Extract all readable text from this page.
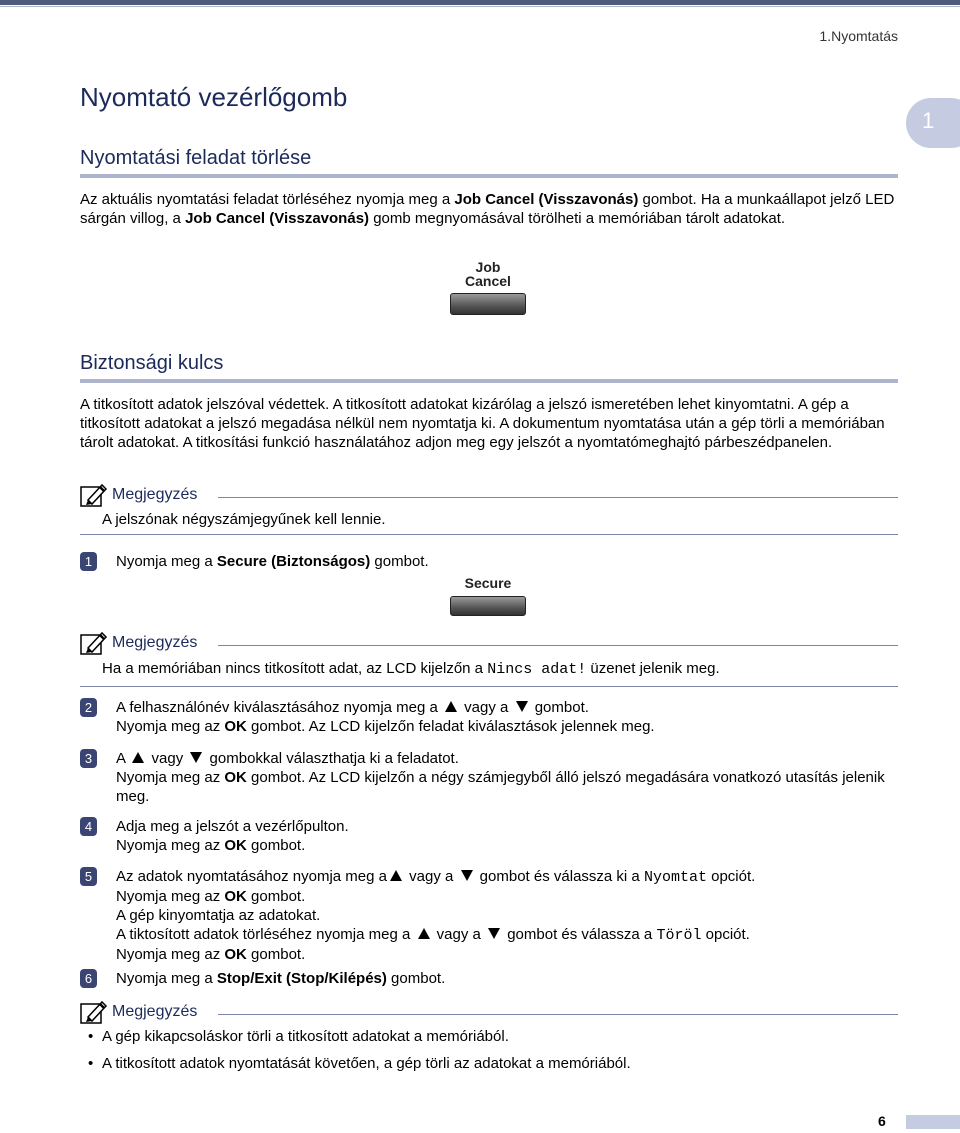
1.Nyomtatás
Nyomtató vezérlőgomb
1
Nyomtatási feladat törlése

Az aktuális nyomtatási feladat törléséhez nyomja meg a Job Cancel (Visszavonás) gombot. Ha a munkaállapot jelző LED sárgán villog, a Job Cancel (Visszavonás) gomb megnyomásával törölheti a memóriában tárolt adatokat.

Job
Cancel
Biztonsági kulcs

A titkosított adatok jelszóval védettek. A titkosított adatokat kizárólag a jelszó ismeretében lehet kinyomtatni. A gép a titkosított adatokat a jelszó megadása nélkül nem nyomtatja ki. A dokumentum nyomtatása után a gép törli a memóriában tárolt adatokat. A titkosítási funkció használatához adjon meg egy jelszót a nyomtatómeghajtó párbeszédpanelen.

Megjegyzés
A jelszónak négyszámjegyűnek kell lennie.
1	Nyomja meg a Secure (Biztonságos) gombot.
Secure
Megjegyzés
Ha a memóriában nincs titkosított adat, az LCD kijelzőn a Nincs adat! üzenet jelenik meg.
2	A felhasználónév kiválasztásához nyomja meg a  vagy a  gombot.
Nyomja meg az OK gombot. Az LCD kijelzőn feladat kiválasztások jelennek meg.
3	A  vagy  gombokkal választhatja ki a feladatot.
Nyomja meg az OK gombot. Az LCD kijelzőn a négy számjegyből álló jelszó megadására vonatkozó utasítás jelenik meg.
4	Adja meg a jelszót a vezérlőpulton.
Nyomja meg az OK gombot.
5	Az adatok nyomtatásához nyomja meg a vagy a  gombot és válassza ki a Nyomtat opciót.
Nyomja meg az OK gombot.
A gép kinyomtatja az adatokat.
A tiktosított adatok törléséhez nyomja meg a  vagy a  gombot és válassza a Töröl opciót.
Nyomja meg az OK gombot.
6	Nyomja meg a Stop/Exit (Stop/Kilépés) gombot.
Megjegyzés
• A gép kikapcsoláskor törli a titkosított adatokat a memóriából.
• A titkosított adatok nyomtatását követően, a gép törli az adatokat a memóriából.
6
